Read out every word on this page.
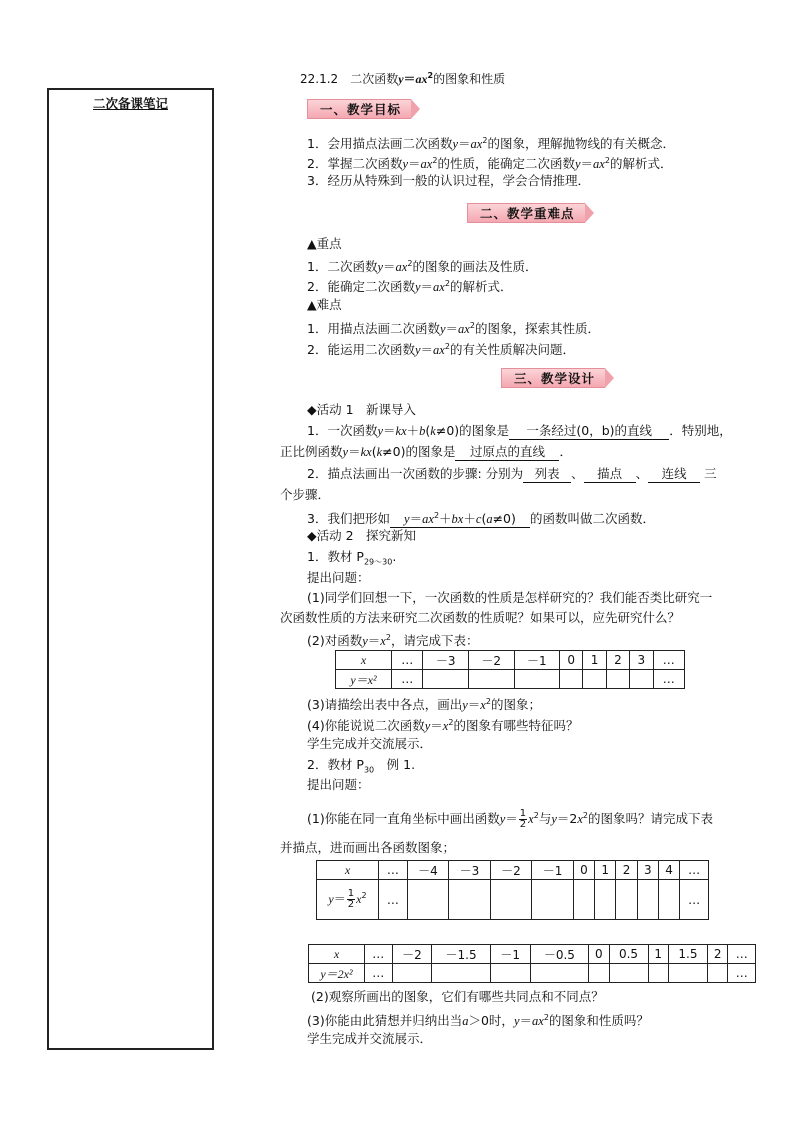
二次备课笔记
22.1.2　 二次函数$y=ax^2$的图象和性质
一、教学目标
1．会用描点法画二次函数$y=ax^2$的图象，理解抛物线的有关概念．
2．掌握二次函数$y=ax^2$的性质，能确定二次函数$y=ax^2$的解析式．
3．经历从特殊到一般的认识过程，学会合情推理．
二、教学重难点
▲重点
1．二次函数$y=ax^2$的图象的画法及性质．
2．能确定二次函数$y=ax^2$的解析式．
▲难点
1．用描点法画二次函数$y=ax^2$的图象，探索其性质．
2．能运用二次函数$y=ax^2$的有关性质解决问题．
三、教学设计
◆活动 1　新课导入
1．一次函数y＝kx＋b(k≠0)的图象是 一条经过(0，b)的直线 ．特别地，
正比例函数y＝kx(k≠0)的图象是 过原点的直线 ．
2．描点法画出一次函数的步骤: 分别为 列表 、 描点 、 连线 三
个步骤．
3．我们把形如 $y=ax^2+bx+c(a\ne 0)$ 的函数叫做二次函数．
◆活动 2　探究新知
1．教材 $P_{29\sim 30}$.
提出问题：
(1)同学们回想一下，一次函数的性质是怎样研究的？我们能否类比研究一
次函数性质的方法来研究二次函数的性质呢？如果可以，应先研究什么？
(2)对函数$y=x^2$，请完成下表：
x	…	－3	－2	－1	0	1	2	3	…
y＝x²	…								…
(3)请描绘出表中各点，画出$y=x^2$的图象；
(4)你能说说二次函数$y=x^2$的图象有哪些特征吗？
学生完成并交流展示．
2．教材 $P_{30}$　例 1.
提出问题：
(1)你能在同一直角坐标中画出函数$y= \frac{1}{2} x^2$与$y=2x^2$的图象吗？请完成下表
并描点，进而画出各函数图象；
x	…	－4	－3	－2	－1	0	1	2	3	4	…
$y= \frac{1}{2} x^2$	…										…
x	…	－2	－1.5	－1	－0.5	0	0.5	1	1.5	2	…
y＝2x²	…										…
(2)观察所画出的图象，它们有哪些共同点和不同点？
(3)你能由此猜想并归纳出当a＞0时，$y=ax^2$的图象和性质吗？
学生完成并交流展示．
